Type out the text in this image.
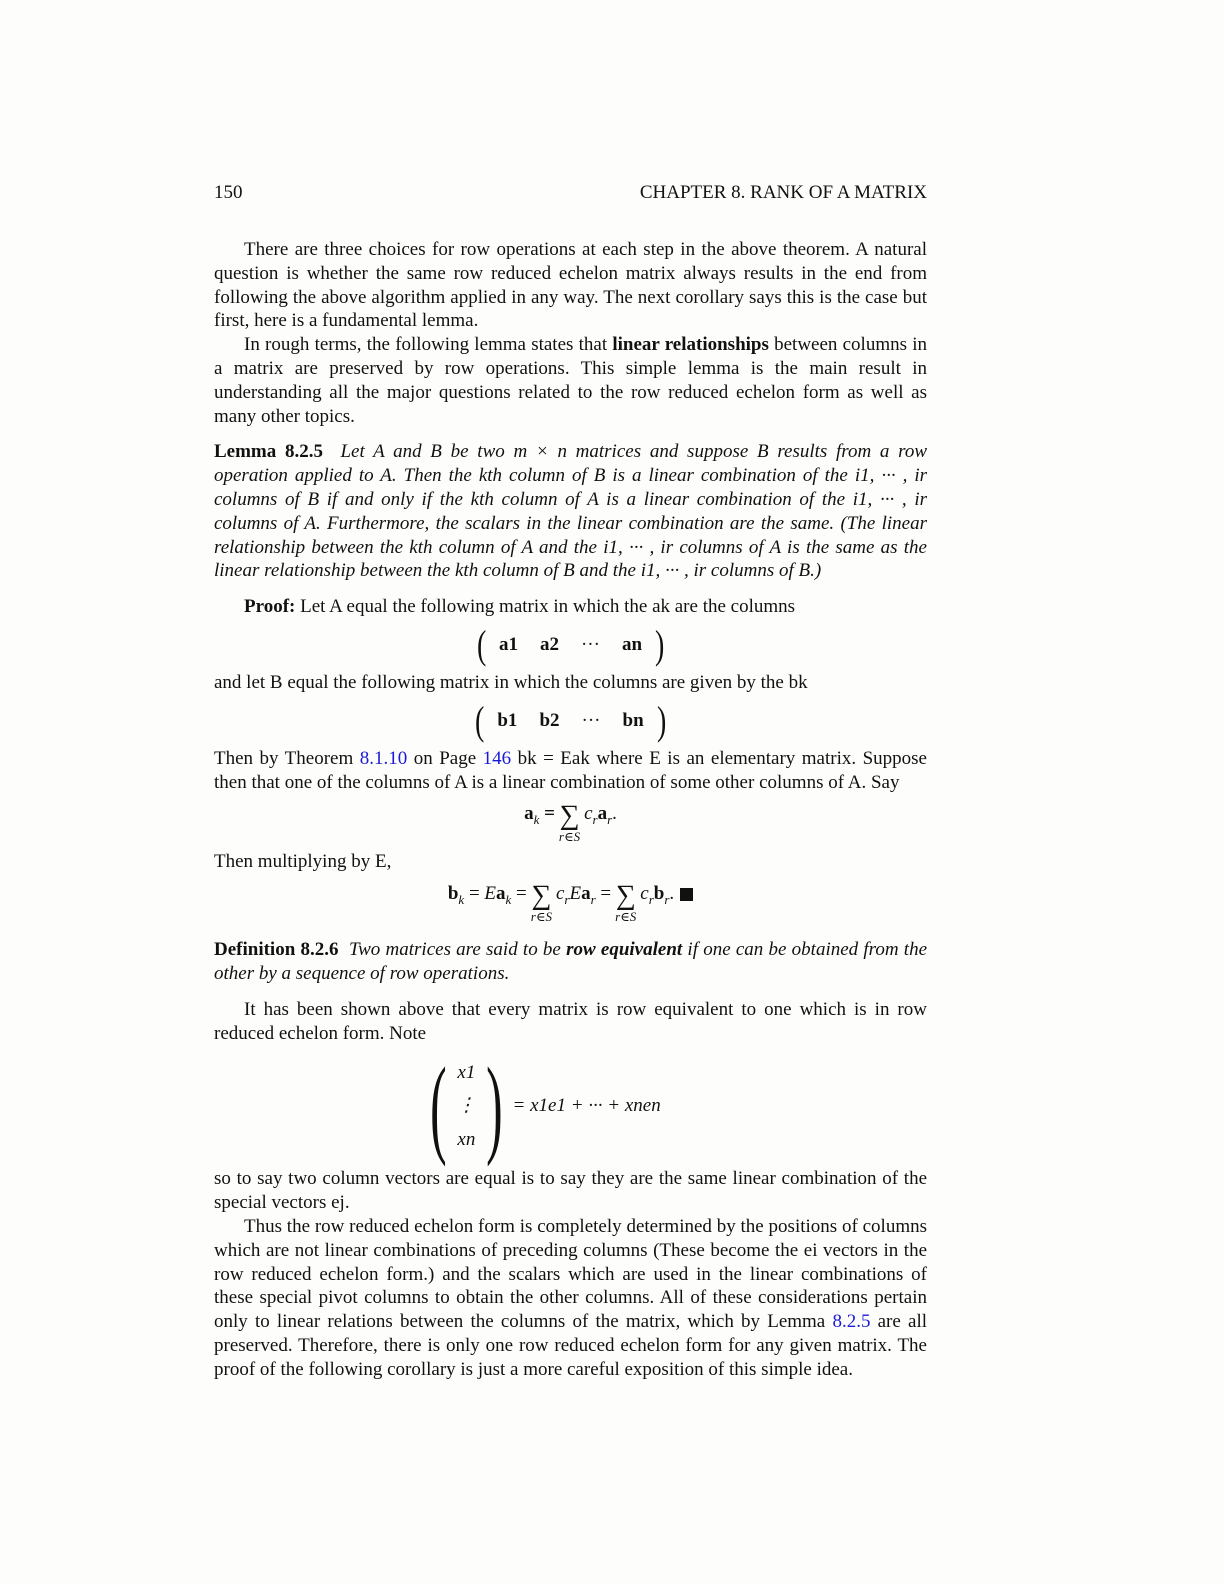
150	CHAPTER 8. RANK OF A MATRIX

There are three choices for row operations at each step in the above theorem. A natural question is whether the same row reduced echelon matrix always results in the end from following the above algorithm applied in any way. The next corollary says this is the case but first, here is a fundamental lemma.

In rough terms, the following lemma states that linear relationships between columns in a matrix are preserved by row operations. This simple lemma is the main result in understanding all the major questions related to the row reduced echelon form as well as many other topics.

Lemma 8.2.5 Let A and B be two m × n matrices and suppose B results from a row operation applied to A. Then the kth column of B is a linear combination of the i1, ··· , ir columns of B if and only if the kth column of A is a linear combination of the i1, ··· , ir columns of A. Furthermore, the scalars in the linear combination are the same. (The linear relationship between the kth column of A and the i1, ··· , ir columns of A is the same as the linear relationship between the kth column of B and the i1, ··· , ir columns of B.)

Proof: Let A equal the following matrix in which the ak are the columns

( a1 a2 ··· an )

and let B equal the following matrix in which the columns are given by the bk

( b1 b2 ··· bn )

Then by Theorem 8.1.10 on Page 146 bk = Eak where E is an elementary matrix. Suppose then that one of the columns of A is a linear combination of some other columns of A. Say

$a_k$ = ∑
r∈S
$c_ra_r$.

Then multiplying by E,

$b_k = Ea_k$ = ∑
r∈S
$c_rEa_r$ = ∑
r∈S
$c_rb_r$.

Definition 8.2.6 Two matrices are said to be row equivalent if one can be obtained from the other by a sequence of row operations.

It has been shown above that every matrix is row equivalent to one which is in row reduced echelon form. Note

( x1
⋮
xn ) = x1e1 + ··· + xnen

so to say two column vectors are equal is to say they are the same linear combination of the special vectors ej.

Thus the row reduced echelon form is completely determined by the positions of columns which are not linear combinations of preceding columns (These become the ei vectors in the row reduced echelon form.) and the scalars which are used in the linear combinations of these special pivot columns to obtain the other columns. All of these considerations pertain only to linear relations between the columns of the matrix, which by Lemma 8.2.5 are all preserved. Therefore, there is only one row reduced echelon form for any given matrix. The proof of the following corollary is just a more careful exposition of this simple idea.
